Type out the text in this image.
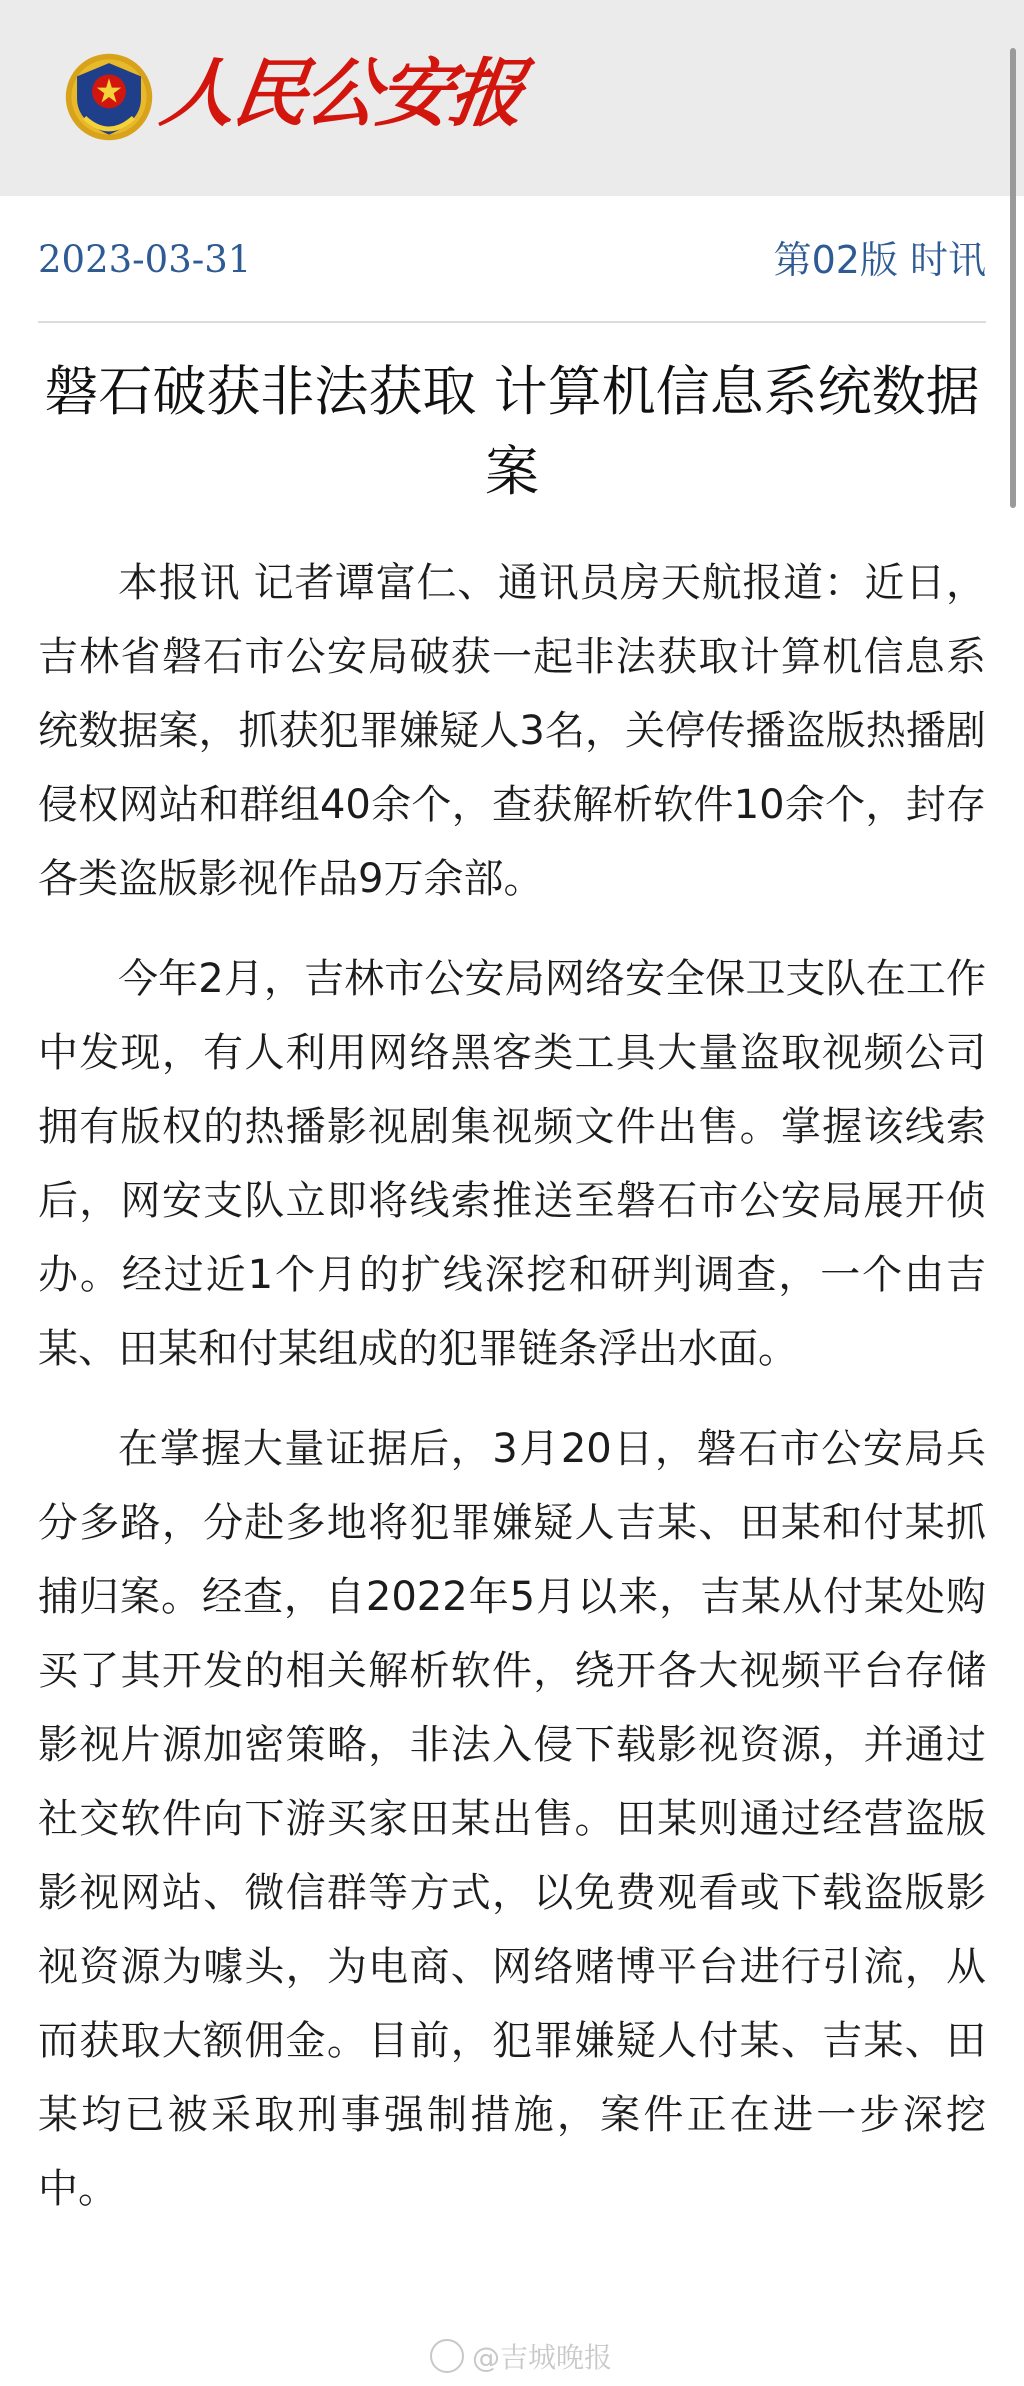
人民公安报
2023-03-31	第02版 时讯
磐石破获非法获取 计算机信息系统数据案

本报讯 记者谭富仁、通讯员房天航报道：近日，吉林省磐石市公安局破获一起非法获取计算机信息系统数据案，抓获犯罪嫌疑人3名，关停传播盗版热播剧侵权网站和群组40余个，查获解析软件10余个，封存各类盗版影视作品9万余部。

今年2月，吉林市公安局网络安全保卫支队在工作中发现，有人利用网络黑客类工具大量盗取视频公司拥有版权的热播影视剧集视频文件出售。掌握该线索后，网安支队立即将线索推送至磐石市公安局展开侦办。经过近1个月的扩线深挖和研判调查，一个由吉某、田某和付某组成的犯罪链条浮出水面。

在掌握大量证据后，3月20日，磐石市公安局兵分多路，分赴多地将犯罪嫌疑人吉某、田某和付某抓捕归案。经查，自2022年5月以来，吉某从付某处购买了其开发的相关解析软件，绕开各大视频平台存储影视片源加密策略，非法入侵下载影视资源，并通过社交软件向下游买家田某出售。田某则通过经营盗版影视网站、微信群等方式，以免费观看或下载盗版影视资源为噱头，为电商、网络赌博平台进行引流，从而获取大额佣金。目前，犯罪嫌疑人付某、吉某、田某均已被采取刑事强制措施，案件正在进一步深挖中。

@吉城晚报
